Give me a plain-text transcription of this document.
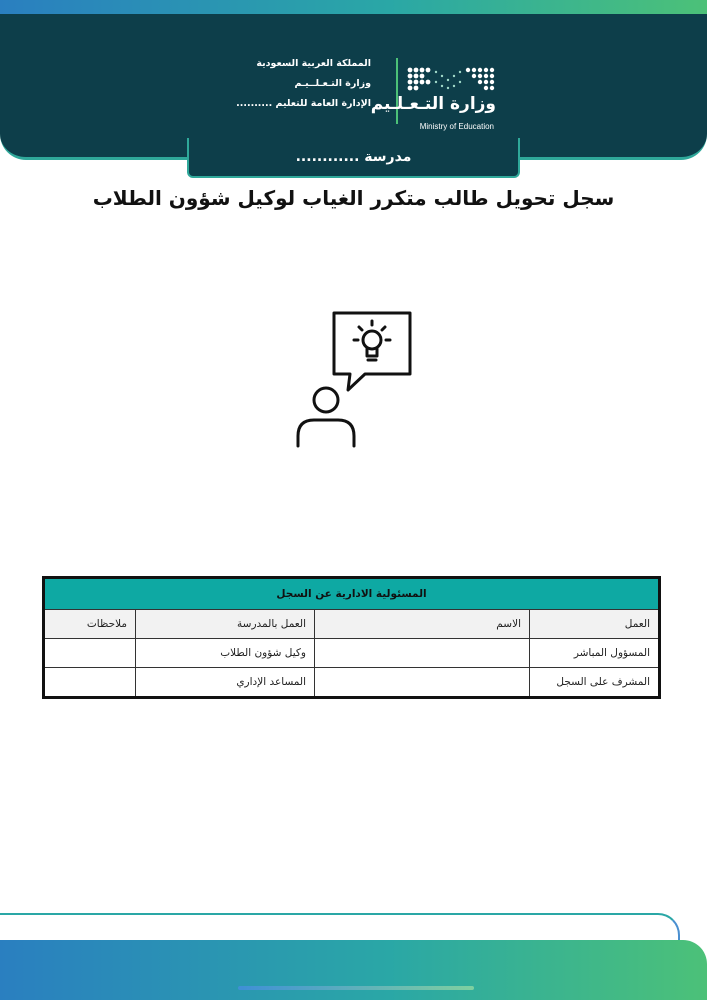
المملكة العربية السعودية
وزارة التـعـلــيـم
الإدارة العامة للتعليم .......... وزارة التـعـلـيم
Ministry of Education
مدرسة ............
سجل تحويل طالب متكرر الغياب لوكيل شؤون الطلاب
المسئولية الادارية عن السجل			
العمل	الاسم	العمل بالمدرسة	ملاحظات
المسؤول المباشر		وكيل شؤون الطلاب	
المشرف على السجل		المساعد الإداري	
